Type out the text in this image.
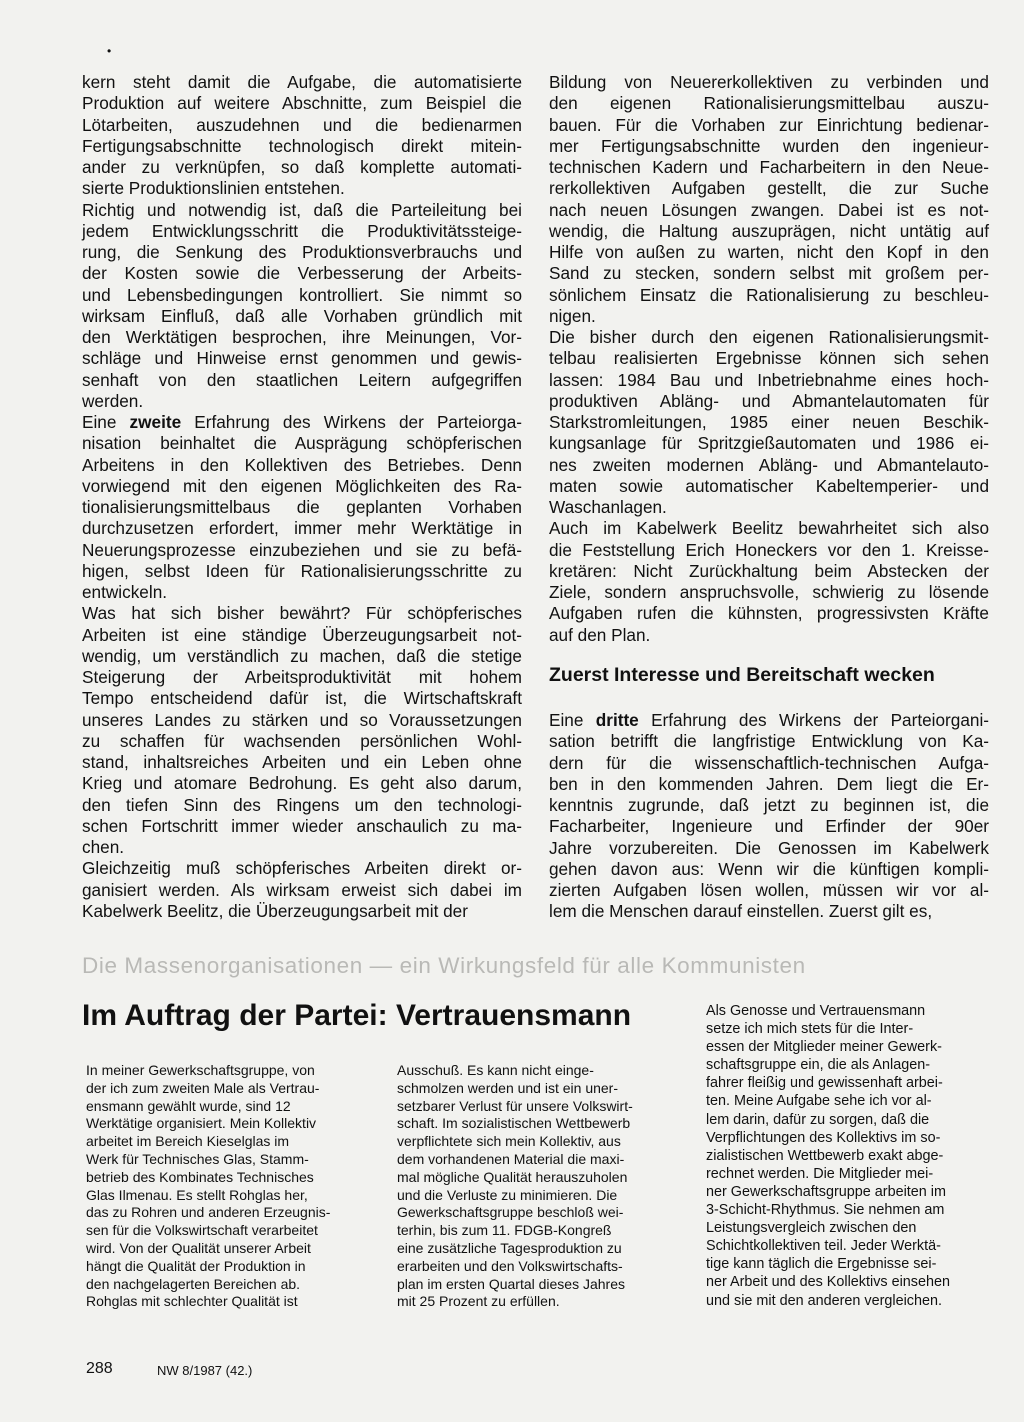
•
kern steht damit die Aufgabe, die automatisierte
Produktion auf weitere Abschnitte, zum Beispiel die
Lötarbeiten, auszudehnen und die bedienarmen
Fertigungsabschnitte technologisch direkt mitein-
ander zu verknüpfen, so daß komplette automati-
sierte Produktionslinien entstehen.
Richtig und notwendig ist, daß die Parteileitung bei
jedem Entwicklungsschritt die Produktivitätssteige-
rung, die Senkung des Produktionsverbrauchs und
der Kosten sowie die Verbesserung der Arbeits-
und Lebensbedingungen kontrolliert. Sie nimmt so
wirksam Einfluß, daß alle Vorhaben gründlich mit
den Werktätigen besprochen, ihre Meinungen, Vor-
schläge und Hinweise ernst genommen und gewis-
senhaft von den staatlichen Leitern aufgegriffen
werden.
Eine zweite Erfahrung des Wirkens der Parteiorga-
nisation beinhaltet die Ausprägung schöpferischen
Arbeitens in den Kollektiven des Betriebes. Denn
vorwiegend mit den eigenen Möglichkeiten des Ra-
tionalisierungsmittelbaus die geplanten Vorhaben
durchzusetzen erfordert, immer mehr Werktätige in
Neuerungsprozesse einzubeziehen und sie zu befä-
higen, selbst Ideen für Rationalisierungsschritte zu
entwickeln.
Was hat sich bisher bewährt? Für schöpferisches
Arbeiten ist eine ständige Überzeugungsarbeit not-
wendig, um verständlich zu machen, daß die stetige
Steigerung der Arbeitsproduktivität mit hohem
Tempo entscheidend dafür ist, die Wirtschaftskraft
unseres Landes zu stärken und so Voraussetzungen
zu schaffen für wachsenden persönlichen Wohl-
stand, inhaltsreiches Arbeiten und ein Leben ohne
Krieg und atomare Bedrohung. Es geht also darum,
den tiefen Sinn des Ringens um den technologi-
schen Fortschritt immer wieder anschaulich zu ma-
chen.
Gleichzeitig muß schöpferisches Arbeiten direkt or-
ganisiert werden. Als wirksam erweist sich dabei im
Kabelwerk Beelitz, die Überzeugungsarbeit mit der
Bildung von Neuererkollektiven zu verbinden und
den eigenen Rationalisierungsmittelbau auszu-
bauen. Für die Vorhaben zur Einrichtung bedienar-
mer Fertigungsabschnitte wurden den ingenieur-
technischen Kadern und Facharbeitern in den Neue-
rerkollektiven Aufgaben gestellt, die zur Suche
nach neuen Lösungen zwangen. Dabei ist es not-
wendig, die Haltung auszuprägen, nicht untätig auf
Hilfe von außen zu warten, nicht den Kopf in den
Sand zu stecken, sondern selbst mit großem per-
sönlichem Einsatz die Rationalisierung zu beschleu-
nigen.
Die bisher durch den eigenen Rationalisierungsmit-
telbau realisierten Ergebnisse können sich sehen
lassen: 1984 Bau und Inbetriebnahme eines hoch-
produktiven Abläng- und Abmantelautomaten für
Starkstromleitungen, 1985 einer neuen Beschik-
kungsanlage für Spritzgießautomaten und 1986 ei-
nes zweiten modernen Abläng- und Abmantelauto-
maten sowie automatischer Kabeltemperier- und
Waschanlagen.
Auch im Kabelwerk Beelitz bewahrheitet sich also
die Feststellung Erich Honeckers vor den 1. Kreisse-
kretären: Nicht Zurückhaltung beim Abstecken der
Ziele, sondern anspruchsvolle, schwierig zu lösende
Aufgaben rufen die kühnsten, progressivsten Kräfte
auf den Plan.
Zuerst Interesse und Bereitschaft wecken
Eine dritte Erfahrung des Wirkens der Parteiorgani-
sation betrifft die langfristige Entwicklung von Ka-
dern für die wissenschaftlich-technischen Aufga-
ben in den kommenden Jahren. Dem liegt die Er-
kenntnis zugrunde, daß jetzt zu beginnen ist, die
Facharbeiter, Ingenieure und Erfinder der 90er
Jahre vorzubereiten. Die Genossen im Kabelwerk
gehen davon aus: Wenn wir die künftigen kompli-
zierten Aufgaben lösen wollen, müssen wir vor al-
lem die Menschen darauf einstellen. Zuerst gilt es,
Die Massenorganisationen — ein Wirkungsfeld für alle Kommunisten
Im Auftrag der Partei: Vertrauensmann
In meiner Gewerkschaftsgruppe, von
der ich zum zweiten Male als Vertrau-
ensmann gewählt wurde, sind 12
Werktätige organisiert. Mein Kollektiv
arbeitet im Bereich Kieselglas im
Werk für Technisches Glas, Stamm-
betrieb des Kombinates Technisches
Glas Ilmenau. Es stellt Rohglas her,
das zu Rohren und anderen Erzeugnis-
sen für die Volkswirtschaft verarbeitet
wird. Von der Qualität unserer Arbeit
hängt die Qualität der Produktion in
den nachgelagerten Bereichen ab.
Rohglas mit schlechter Qualität ist
Ausschuß. Es kann nicht einge-
schmolzen werden und ist ein uner-
setzbarer Verlust für unsere Volkswirt-
schaft. Im sozialistischen Wettbewerb
verpflichtete sich mein Kollektiv, aus
dem vorhandenen Material die maxi-
mal mögliche Qualität herauszuholen
und die Verluste zu minimieren. Die
Gewerkschaftsgruppe beschloß wei-
terhin, bis zum 11. FDGB-Kongreß
eine zusätzliche Tagesproduktion zu
erarbeiten und den Volkswirtschafts-
plan im ersten Quartal dieses Jahres
mit 25 Prozent zu erfüllen.
Als Genosse und Vertrauensmann
setze ich mich stets für die Inter-
essen der Mitglieder meiner Gewerk-
schaftsgruppe ein, die als Anlagen-
fahrer fleißig und gewissenhaft arbei-
ten. Meine Aufgabe sehe ich vor al-
lem darin, dafür zu sorgen, daß die
Verpflichtungen des Kollektivs im so-
zialistischen Wettbewerb exakt abge-
rechnet werden. Die Mitglieder mei-
ner Gewerkschaftsgruppe arbeiten im
3-Schicht-Rhythmus. Sie nehmen am
Leistungsvergleich zwischen den
Schichtkollektiven teil. Jeder Werktä-
tige kann täglich die Ergebnisse sei-
ner Arbeit und des Kollektivs einsehen
und sie mit den anderen vergleichen.
288	NW 8/1987 (42.)
